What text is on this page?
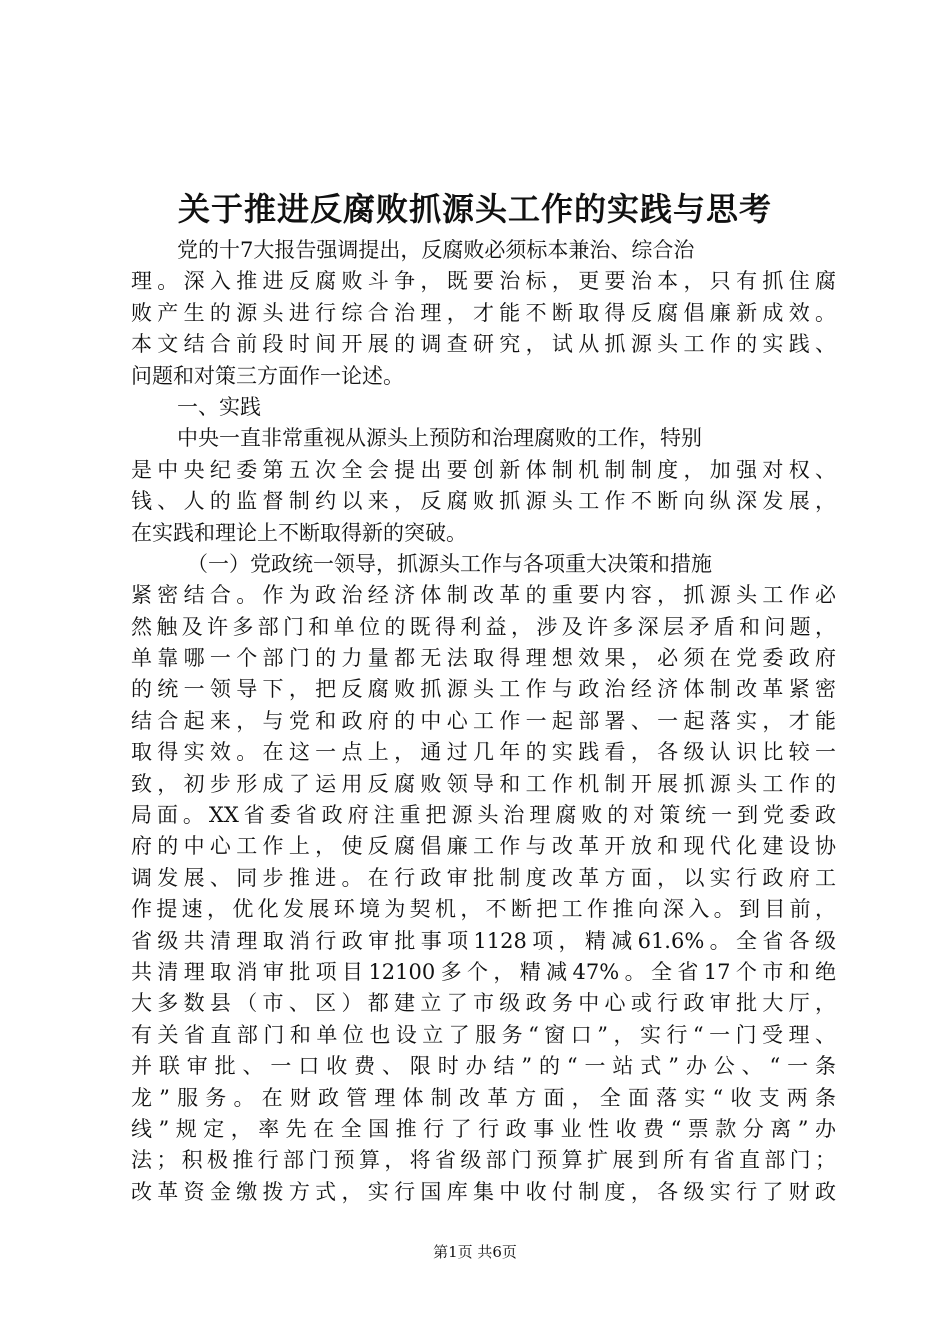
关于推进反腐败抓源头工作的实践与思考
党的十7大报告强调提出，反腐败必须标本兼治、综合治
理。深入推进反腐败斗争，既要治标，更要治本，只有抓住腐
败产生的源头进行综合治理，才能不断取得反腐倡廉新成效。
本文结合前段时间开展的调查研究，试从抓源头工作的实践、
问题和对策三方面作一论述。
一、实践
中央一直非常重视从源头上预防和治理腐败的工作，特别
是中央纪委第五次全会提出要创新体制机制制度，加强对权、
钱、人的监督制约以来，反腐败抓源头工作不断向纵深发展，
在实践和理论上不断取得新的突破。
（一）党政统一领导，抓源头工作与各项重大决策和措施
紧密结合。作为政治经济体制改革的重要内容，抓源头工作必
然触及许多部门和单位的既得利益，涉及许多深层矛盾和问题，
单靠哪一个部门的力量都无法取得理想效果，必须在党委政府
的统一领导下，把反腐败抓源头工作与政治经济体制改革紧密
结合起来，与党和政府的中心工作一起部署、一起落实，才能
取得实效。在这一点上，通过几年的实践看，各级认识比较一
致，初步形成了运用反腐败领导和工作机制开展抓源头工作的
局面。XX省委省政府注重把源头治理腐败的对策统一到党委政
府的中心工作上，使反腐倡廉工作与改革开放和现代化建设协
调发展、同步推进。在行政审批制度改革方面，以实行政府工
作提速，优化发展环境为契机，不断把工作推向深入。到目前，
省级共清理取消行政审批事项1128项，精减61.6%。全省各级
共清理取消审批项目12100多个，精减47%。全省17个市和绝
大多数县（市、区）都建立了市级政务中心或行政审批大厅，
有关省直部门和单位也设立了服务“窗口”，实行“一门受理、
并联审批、一口收费、限时办结”的“一站式”办公、“一条
龙”服务。在财政管理体制改革方面，全面落实“收支两条
线”规定，率先在全国推行了行政事业性收费“票款分离”办
法；积极推行部门预算，将省级部门预算扩展到所有省直部门；
改革资金缴拨方式，实行国库集中收付制度，各级实行了财政
第1页 共6页
